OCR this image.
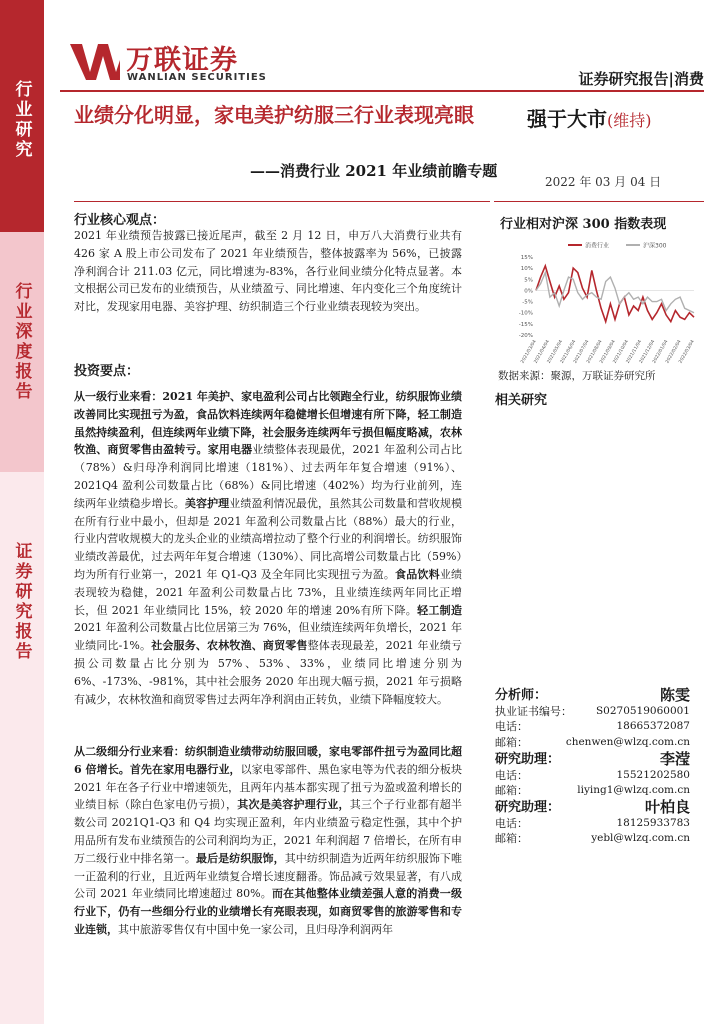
行业研究
行业深度报告
证券研究报告
万联证券
WANLIAN SECURITIES	证券研究报告|消费
业绩分化明显，家电美护纺服三行业表现亮眼
——消费行业 2021 年业绩前瞻专题
强于大市(维持)
2022 年 03 月 04 日
行业核心观点：
2021 年业绩预告披露已接近尾声，截至 2 月 12 日，申万八大消费行业共有 426 家 A 股上市公司发布了 2021 年业绩预告，整体披露率为 56%，已披露净利润合计 211.03 亿元，同比增速为-83%，各行业间业绩分化特点显著。本文根据公司已发布的业绩预告，从业绩盈亏、同比增速、年内变化三个角度统计对比，发现家用电器、美容护理、纺织制造三个行业业绩表现较为突出。
投资要点：
从一级行业来看：2021 年美护、家电盈利公司占比领跑全行业，纺织服饰业绩改善同比实现扭亏为盈，食品饮料连续两年稳健增长但增速有所下降，轻工制造虽然持续盈利，但连续两年业绩下降，社会服务连续两年亏损但幅度略减，农林牧渔、商贸零售由盈转亏。家用电器业绩整体表现最优，2021 年盈利公司占比（78%）&归母净利润同比增速（181%）、过去两年年复合增速（91%）、2021Q4 盈利公司数量占比（68%）&同比增速（402%）均为行业前列，连续两年业绩稳步增长。美容护理业绩盈利情况最优，虽然其公司数量和营收规模在所有行业中最小，但却是 2021 年盈利公司数量占比（88%）最大的行业，行业内营收规模大的龙头企业的业绩高增拉动了整个行业的利润增长。纺织服饰业绩改善最优，过去两年年复合增速（130%）、同比高增公司数量占比（59%）均为所有行业第一，2021 年 Q1-Q3 及全年同比实现扭亏为盈。食品饮料业绩表现较为稳健，2021 年盈利公司数量占比 73%，且业绩连续两年同比正增长，但 2021 年业绩同比 15%，较 2020 年的增速 20%有所下降。轻工制造2021 年盈利公司数量占比位居第三为 76%，但业绩连续两年负增长，2021 年业绩同比-1%。社会服务、农林牧渔、商贸零售整体表现最差，2021 年业绩亏损公司数量占比分别为 57%、53%、33%，业绩同比增速分别为 6%、-173%、-981%，其中社会服务 2020 年出现大幅亏损，2021 年亏损略有减少，农林牧渔和商贸零售过去两年净利润由正转负，业绩下降幅度较大。
从二级细分行业来看：纺织制造业绩带动纺服回暖，家电零部件扭亏为盈同比超 6 倍增长。首先在家用电器行业，以家电零部件、黑色家电等为代表的细分板块 2021 年在各子行业中增速领先，且两年内基本都实现了扭亏为盈或盈利增长的业绩目标（除白色家电仍亏损），其次是美容护理行业，其三个子行业都有超半数公司 2021Q1-Q3 和 Q4 均实现正盈利，年内业绩盈亏稳定性强，其中个护用品所有发布业绩预告的公司利润均为正，2021 年利润超 7 倍增长，在所有申万二级行业中排名第一。最后是纺织服饰，其中纺织制造为近两年纺织服饰下唯一正盈利的行业，且近两年业绩复合增长速度翻番。饰品减亏效果显著，有八成公司 2021 年业绩同比增速超过 80%。而在其他整体业绩差强人意的消费一级行业下，仍有一些细分行业的业绩增长有亮眼表现，如商贸零售的旅游零售和专业连锁，其中旅游零售仅有中国中免一家公司，且归母净利润两年
行业相对沪深 300 指数表现
消费行业	沪深300
15%
10%
5%
0%
-5%
-10%
-15%
-20%
2021/03/04
2021/04/04
2021/05/04
2021/06/04
2021/07/04
2021/08/04
2021/09/04
2021/10/04
2021/11/04
2021/12/04
2022/01/04
2022/02/04
2022/03/04
数据来源：聚源，万联证券研究所
相关研究
分析师：	陈雯
执业证书编号： S0270519060001
电话：	18665372087
邮箱：	chenwen@wlzq.com.cn
研究助理：	李滢
电话：	15521202580
邮箱：	liying1@wlzq.com.cn
研究助理：	叶柏良
电话：	18125933783
邮箱：	yebl@wlzq.com.cn
